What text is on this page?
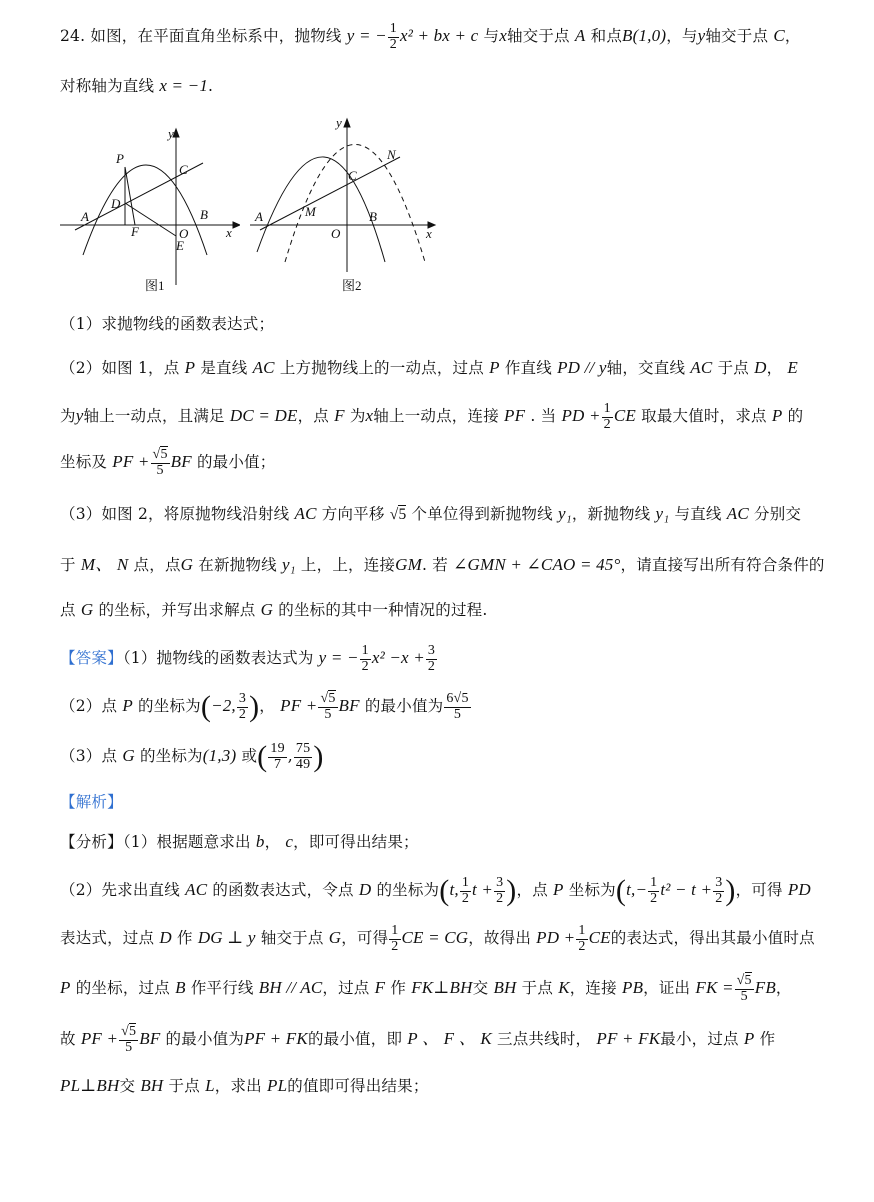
24. 如图，在平面直角坐标系中，抛物线 y = − $\frac{1}{2} x^2$ + bx + c 与x轴交于点 A 和点B(1,0)，与y轴交于点 C，
对称轴为直线 x = −1.
y
x
P
C
D
A
F	O
E
B
图1
y
x
N
C
A	M
O
B
图2
（1）求抛物线的函数表达式；
（2）如图 1，点 P 是直线 AC 上方抛物线上的一动点，过点 P 作直线 PD // y轴，交直线 AC 于点 D， E
为y轴上一动点，且满足 DC = DE，点 F 为x轴上一动点，连接 PF . 当 PD + $\frac{1}{2}$ CE 取最大值时，求点 P 的
坐标及 PF + $\frac{√5}{5}$ BF 的最小值；
（3）如图 2，将原抛物线沿射线 AC 方向平移 √5 个单位得到新抛物线 y₁，新抛物线 y₁ 与直线 AC 分别交
于 M、 N 点，点G 在新抛物线 y₁ 上，上，连接GM. 若 ∠GMN + ∠CAO = 45°，请直接写出所有符合条件的
点 G 的坐标，并写出求解点 G 的坐标的其中一种情况的过程.
【答案】（1）抛物线的函数表达式为 y = − $\frac{1}{2} x^2 -x + \frac{3}{2}$
（2）点 P 的坐标为(−2, $\frac{3}{2}$ )， PF + $\frac{√5}{5}$ BF 的最小值为 $\frac{6√5}{5}$
（3）点 G 的坐标为(1,3) 或( $\frac{19}{7}$ , $\frac{75}{49}$ )
【解析】
【分析】（1）根据题意求出 b， c，即可得出结果；
（2）先求出直线 AC 的函数表达式，令点 D 的坐标为(t, $\frac{1}{2}$ $t + \frac{3}{2}$ )，点 P 坐标为($t,- \frac{1}{2} t^2 - t + \frac{3}{2}$ )，可得 PD
表达式，过点 D 作 DG ⊥ y 轴交于点 G，可得 $\frac{1}{2}$ CE = CG，故得出 PD + $\frac{1}{2}$ CE的表达式，得出其最小值时点
P 的坐标，过点 B 作平行线 BH // AC，过点 F 作 FK⊥BH交 BH 于点 K，连接 PB，证出 FK = $\frac{√5}{5}$ FB，
故 PF + $\frac{√5}{5}$ BF 的最小值为PF + FK的最小值，即 P 、 F 、 K 三点共线时， PF + FK最小，过点 P 作
PL⊥BH交 BH 于点 L，求出 PL的值即可得出结果；
